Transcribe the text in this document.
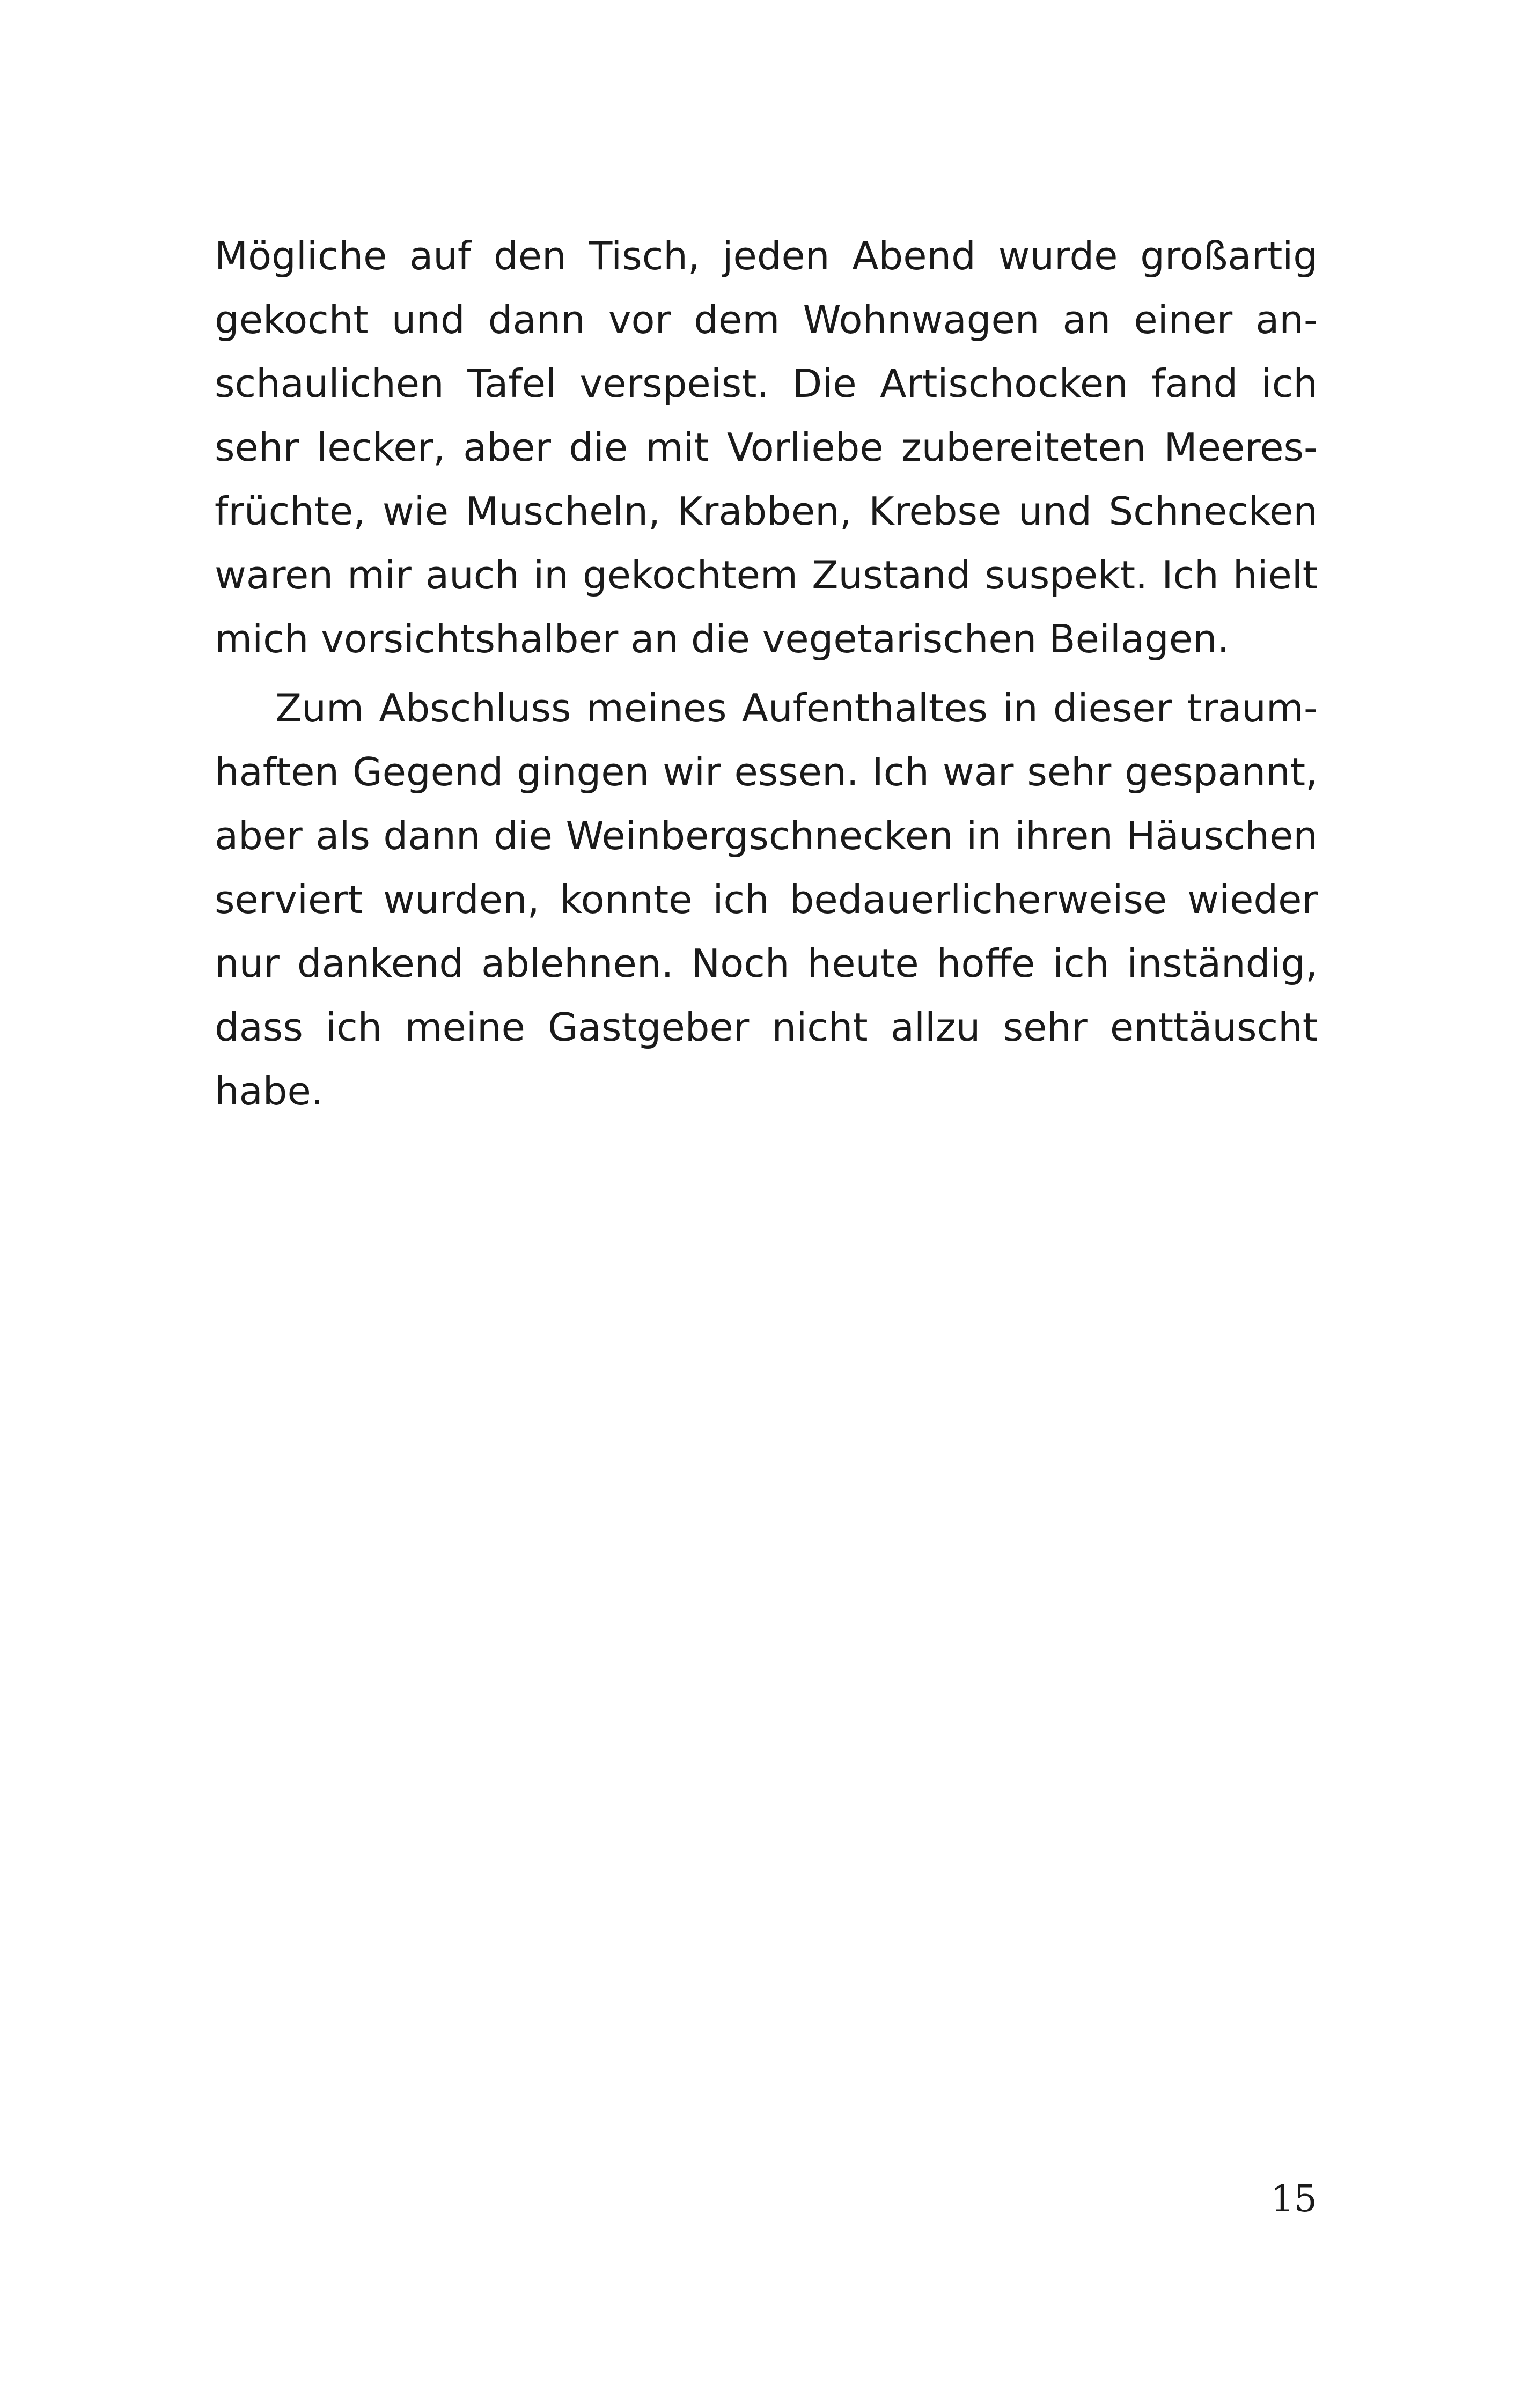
Mögliche auf den Tisch, jeden Abend wurde großartig
gekocht und dann vor dem Wohnwagen an einer an-
schaulichen Tafel verspeist. Die Artischocken fand ich
sehr lecker, aber die mit Vorliebe zubereiteten Meeres-
früchte, wie Muscheln, Krabben, Krebse und Schnecken
waren mir auch in gekochtem Zustand suspekt. Ich hielt
mich vorsichtshalber an die vegetarischen Beilagen.
Zum Abschluss meines Aufenthaltes in dieser traum-
haften Gegend gingen wir essen. Ich war sehr gespannt,
aber als dann die Weinbergschnecken in ihren Häuschen
serviert wurden, konnte ich bedauerlicherweise wieder
nur dankend ablehnen. Noch heute hoffe ich inständig,
dass ich meine Gastgeber nicht allzu sehr enttäuscht
habe.
15
